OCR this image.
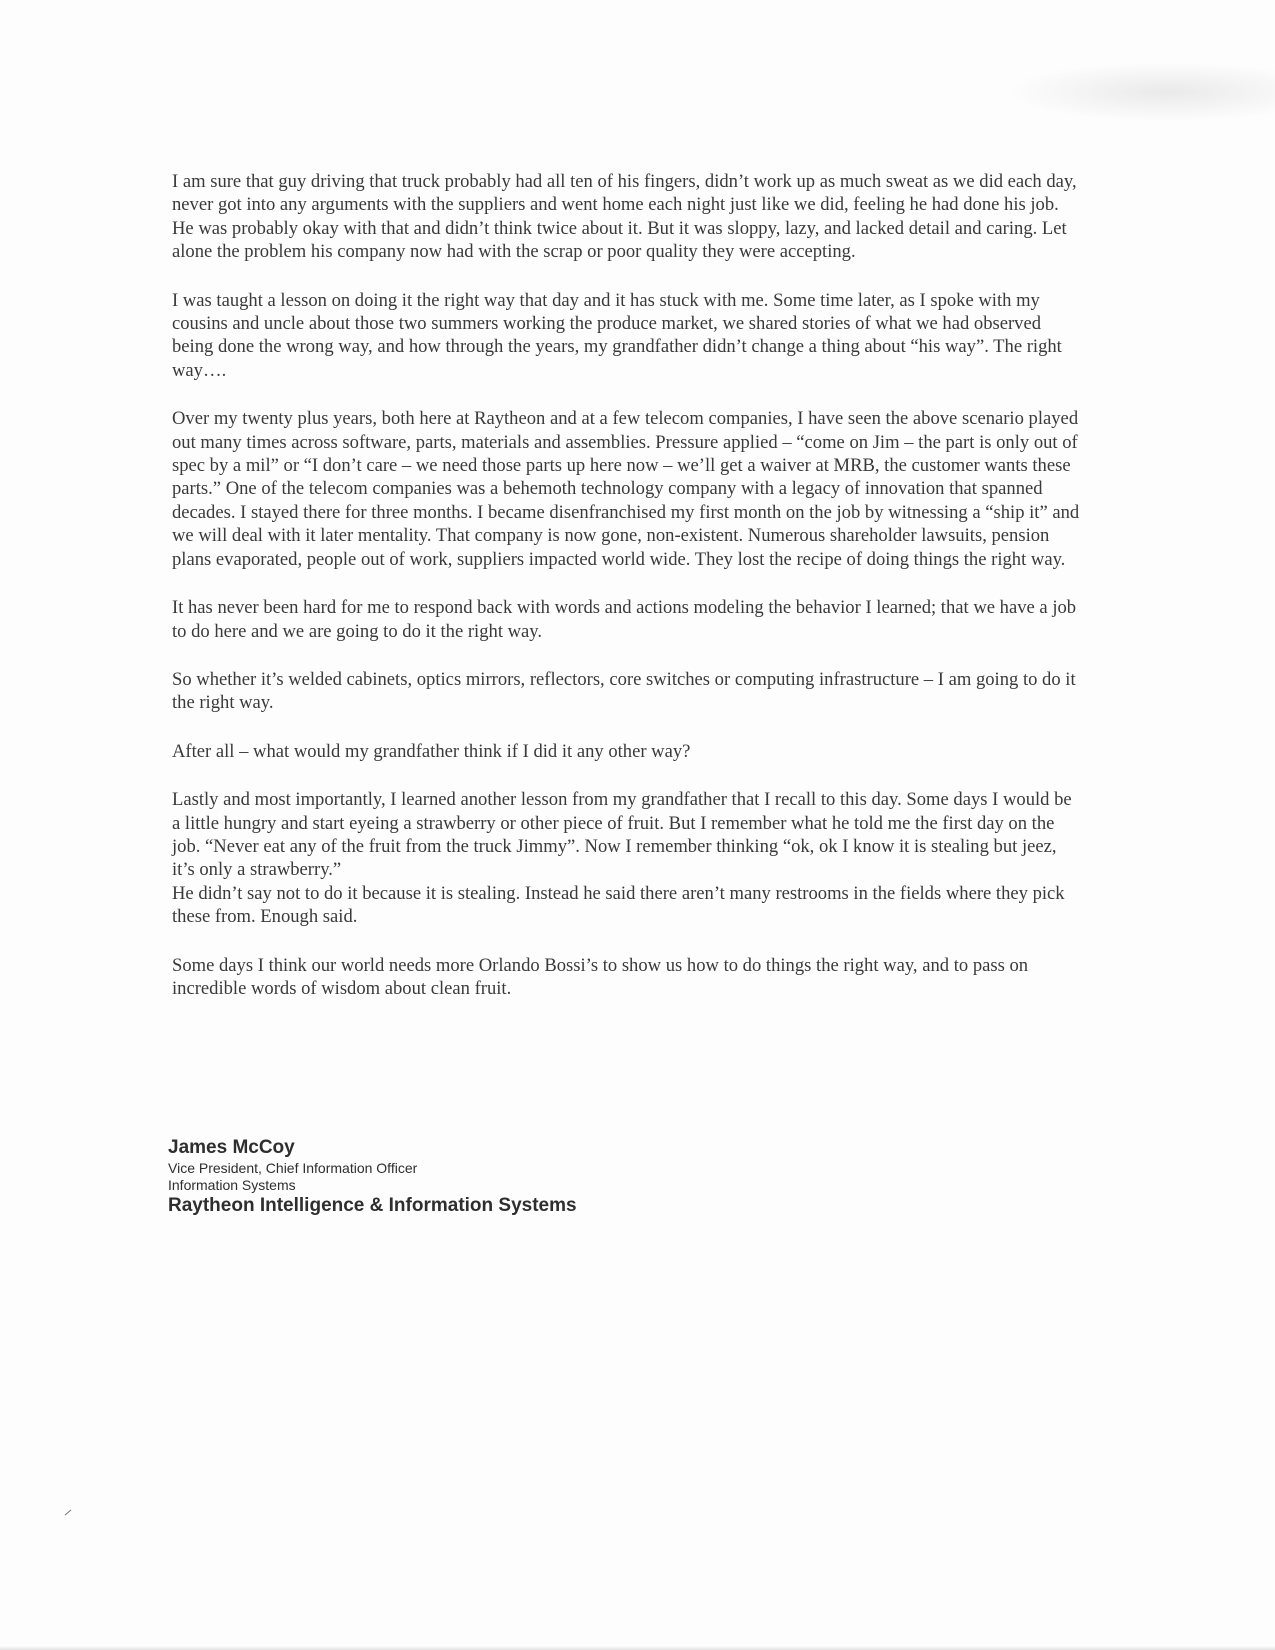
I am sure that guy driving that truck probably had all ten of his fingers, didn’t work up as much sweat as we did each day, never got into any arguments with the suppliers and went home each night just like we did, feeling he had done his job. He was probably okay with that and didn’t think twice about it. But it was sloppy, lazy, and lacked detail and caring. Let alone the problem his company now had with the scrap or poor quality they were accepting.

I was taught a lesson on doing it the right way that day and it has stuck with me. Some time later, as I spoke with my cousins and uncle about those two summers working the produce market, we shared stories of what we had observed being done the wrong way, and how through the years, my grandfather didn’t change a thing about “his way”. The right way….

Over my twenty plus years, both here at Raytheon and at a few telecom companies, I have seen the above scenario played out many times across software, parts, materials and assemblies. Pressure applied – “come on Jim – the part is only out of spec by a mil” or “I don’t care – we need those parts up here now – we’ll get a waiver at MRB, the customer wants these parts.” One of the telecom companies was a behemoth technology company with a legacy of innovation that spanned decades. I stayed there for three months. I became disenfranchised my first month on the job by witnessing a “ship it” and we will deal with it later mentality. That company is now gone, non-existent. Numerous shareholder lawsuits, pension plans evaporated, people out of work, suppliers impacted world wide. They lost the recipe of doing things the right way.

It has never been hard for me to respond back with words and actions modeling the behavior I learned; that we have a job to do here and we are going to do it the right way.

So whether it’s welded cabinets, optics mirrors, reflectors, core switches or computing infrastructure – I am going to do it the right way.

After all – what would my grandfather think if I did it any other way?

Lastly and most importantly, I learned another lesson from my grandfather that I recall to this day. Some days I would be a little hungry and start eyeing a strawberry or other piece of fruit. But I remember what he told me the first day on the job. “Never eat any of the fruit from the truck Jimmy”. Now I remember thinking “ok, ok I know it is stealing but jeez, it’s only a strawberry.”

He didn’t say not to do it because it is stealing. Instead he said there aren’t many restrooms in the fields where they pick these from. Enough said.

Some days I think our world needs more Orlando Bossi’s to show us how to do things the right way, and to pass on incredible words of wisdom about clean fruit.

James McCoy
Vice President, Chief Information Officer
Information Systems
Raytheon Intelligence & Information Systems
